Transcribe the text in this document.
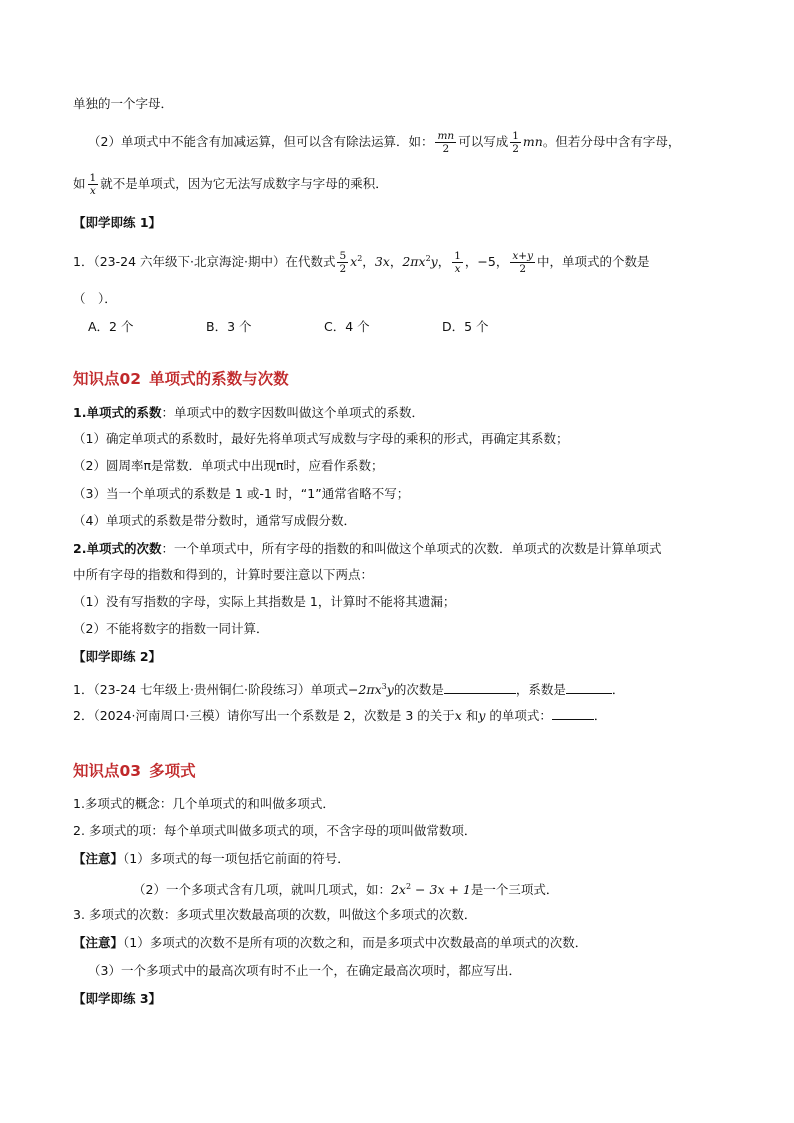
单独的一个字母．
（2）单项式中不能含有加减运算，但可以含有除法运算．如： $\frac{mn}{2}$ 可以写成 $\frac{1}{2}$ mn。但若分母中含有字母，
如 $\frac{1}{x}$ 就不是单项式，因为它无法写成数字与字母的乘积．
【即学即练 1】
1．（23-24 六年级下·北京海淀·期中）在代数式 $\frac{5}{2} x^2$，3x，$2\pi x^2y$， $\frac{1}{x}$ ，−5， $\frac{x+y}{2}$ 中，单项式的个数是
（　）．
A．2 个	B．3 个	C．4 个	D．5 个
知识点02 单项式的系数与次数
1.单项式的系数：单项式中的数字因数叫做这个单项式的系数．
（1）确定单项式的系数时，最好先将单项式写成数与字母的乘积的形式，再确定其系数；
（2）圆周率π是常数．单项式中出现π时，应看作系数；
（3）当一个单项式的系数是 1 或-1 时，“1”通常省略不写；
（4）单项式的系数是带分数时，通常写成假分数．
2.单项式的次数：一个单项式中，所有字母的指数的和叫做这个单项式的次数．单项式的次数是计算单项式
中所有字母的指数和得到的，计算时要注意以下两点：
（1）没有写指数的字母，实际上其指数是 1，计算时不能将其遗漏；
（2）不能将数字的指数一同计算．
【即学即练 2】
1．（23-24 七年级上·贵州铜仁·阶段练习）单项式$-2\pi x^3y$的次数是	，系数是	．
2．（2024·河南周口·三模）请你写出一个系数是 2，次数是 3 的关于x 和y 的单项式：	．
知识点03 多项式
1.多项式的概念：几个单项式的和叫做多项式．
2. 多项式的项：每个单项式叫做多项式的项，不含字母的项叫做常数项．
【注意】（1）多项式的每一项包括它前面的符号．
（2）一个多项式含有几项，就叫几项式，如：$2x^2 - 3x + 1$是一个三项式．
3. 多项式的次数：多项式里次数最高项的次数，叫做这个多项式的次数．
【注意】（1）多项式的次数不是所有项的次数之和，而是多项式中次数最高的单项式的次数．
（3）一个多项式中的最高次项有时不止一个，在确定最高次项时，都应写出．
【即学即练 3】
